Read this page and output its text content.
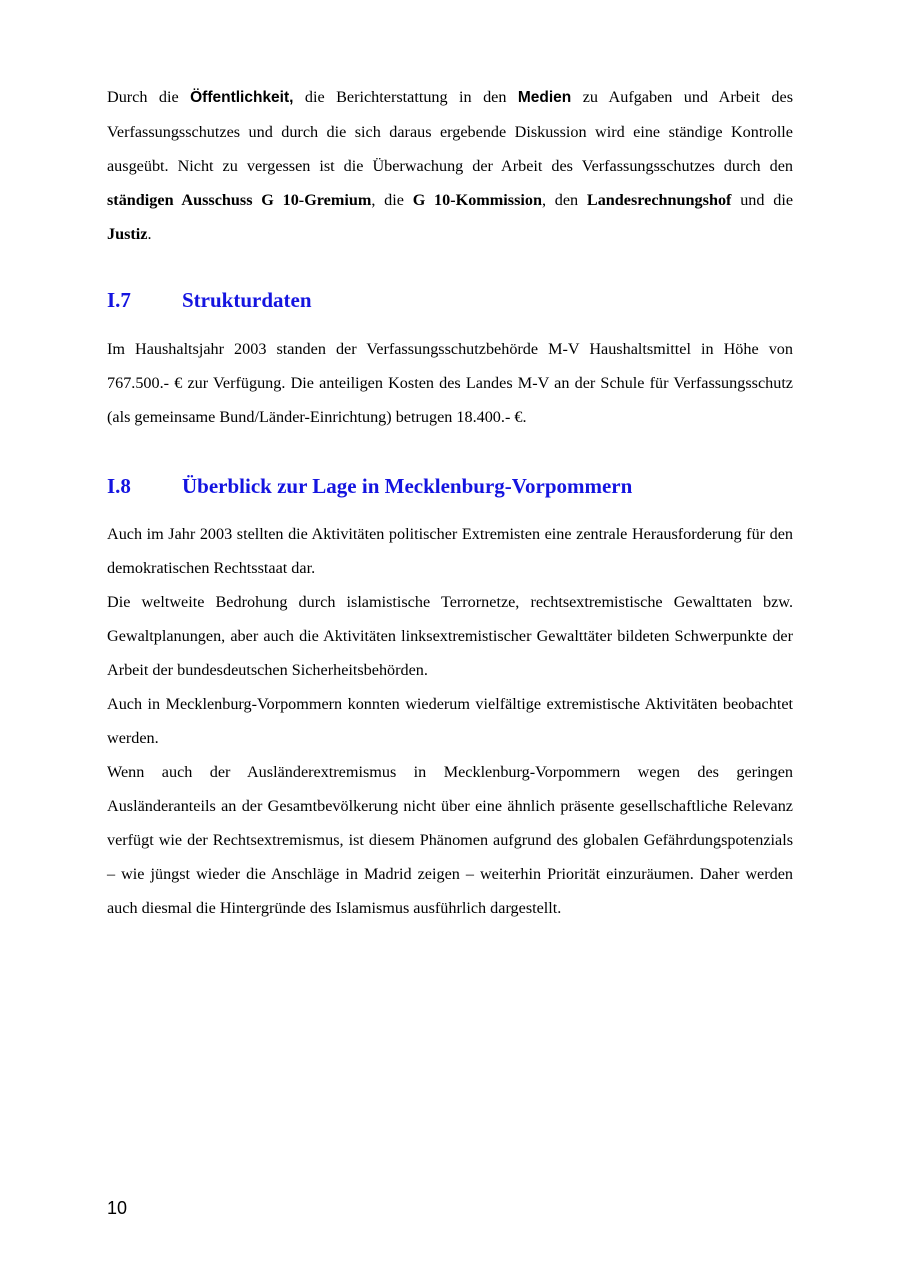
Durch die Öffentlichkeit, die Berichterstattung in den Medien zu Aufgaben und Arbeit des Verfassungsschutzes und durch die sich daraus ergebende Diskussion wird eine ständige Kontrolle ausgeübt. Nicht zu vergessen ist die Überwachung der Arbeit des Verfassungsschutzes durch den ständigen Ausschuss G 10-Gremium, die G 10-Kommission, den Landesrechnungshof und die Justiz.

I.7	Strukturdaten

Im Haushaltsjahr 2003 standen der Verfassungsschutzbehörde M-V Haushaltsmittel in Höhe von 767.500.- € zur Verfügung. Die anteiligen Kosten des Landes M-V an der Schule für Verfassungsschutz (als gemeinsame Bund/Länder-Einrichtung) betrugen 18.400.- €.

I.8	Überblick zur Lage in Mecklenburg-Vorpommern

Auch im Jahr 2003 stellten die Aktivitäten politischer Extremisten eine zentrale Herausforderung für den demokratischen Rechtsstaat dar.

Die weltweite Bedrohung durch islamistische Terrornetze, rechtsextremistische Gewalttaten bzw. Gewaltplanungen, aber auch die Aktivitäten linksextremistischer Gewalttäter bildeten Schwerpunkte der Arbeit der bundesdeutschen Sicherheitsbehörden.

Auch in Mecklenburg-Vorpommern konnten wiederum vielfältige extremistische Aktivitäten beobachtet werden.

Wenn auch der Ausländerextremismus in Mecklenburg-Vorpommern wegen des geringen Ausländeranteils an der Gesamtbevölkerung nicht über eine ähnlich präsente gesellschaftliche Relevanz verfügt wie der Rechtsextremismus, ist diesem Phänomen aufgrund des globalen Gefährdungspotenzials – wie jüngst wieder die Anschläge in Madrid zeigen – weiterhin Priorität einzuräumen. Daher werden auch diesmal die Hintergründe des Islamismus ausführlich dargestellt.

10
